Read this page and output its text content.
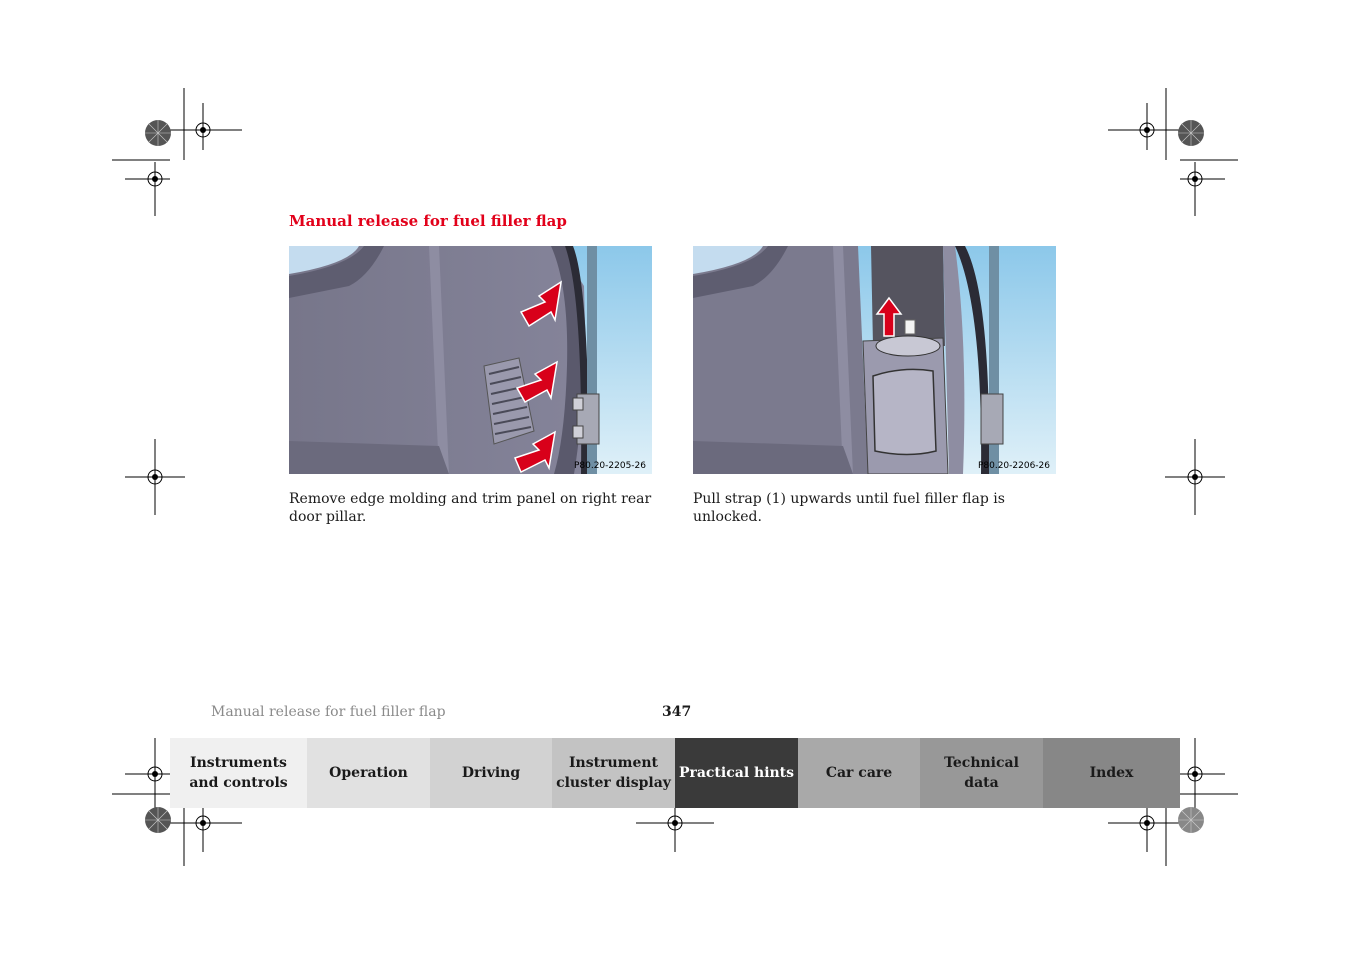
Manual release for fuel filler flap
P80.20-2205-26	P80.20-2206-26
Remove edge molding and trim panel on right rear door pillar.
Pull strap (1) upwards until fuel filler flap is unlocked.
Manual release for fuel filler flap	347
Instruments
and controls
Operation	Driving
Instrument
cluster display
Practical hints	Car care
Technical
data
Index
